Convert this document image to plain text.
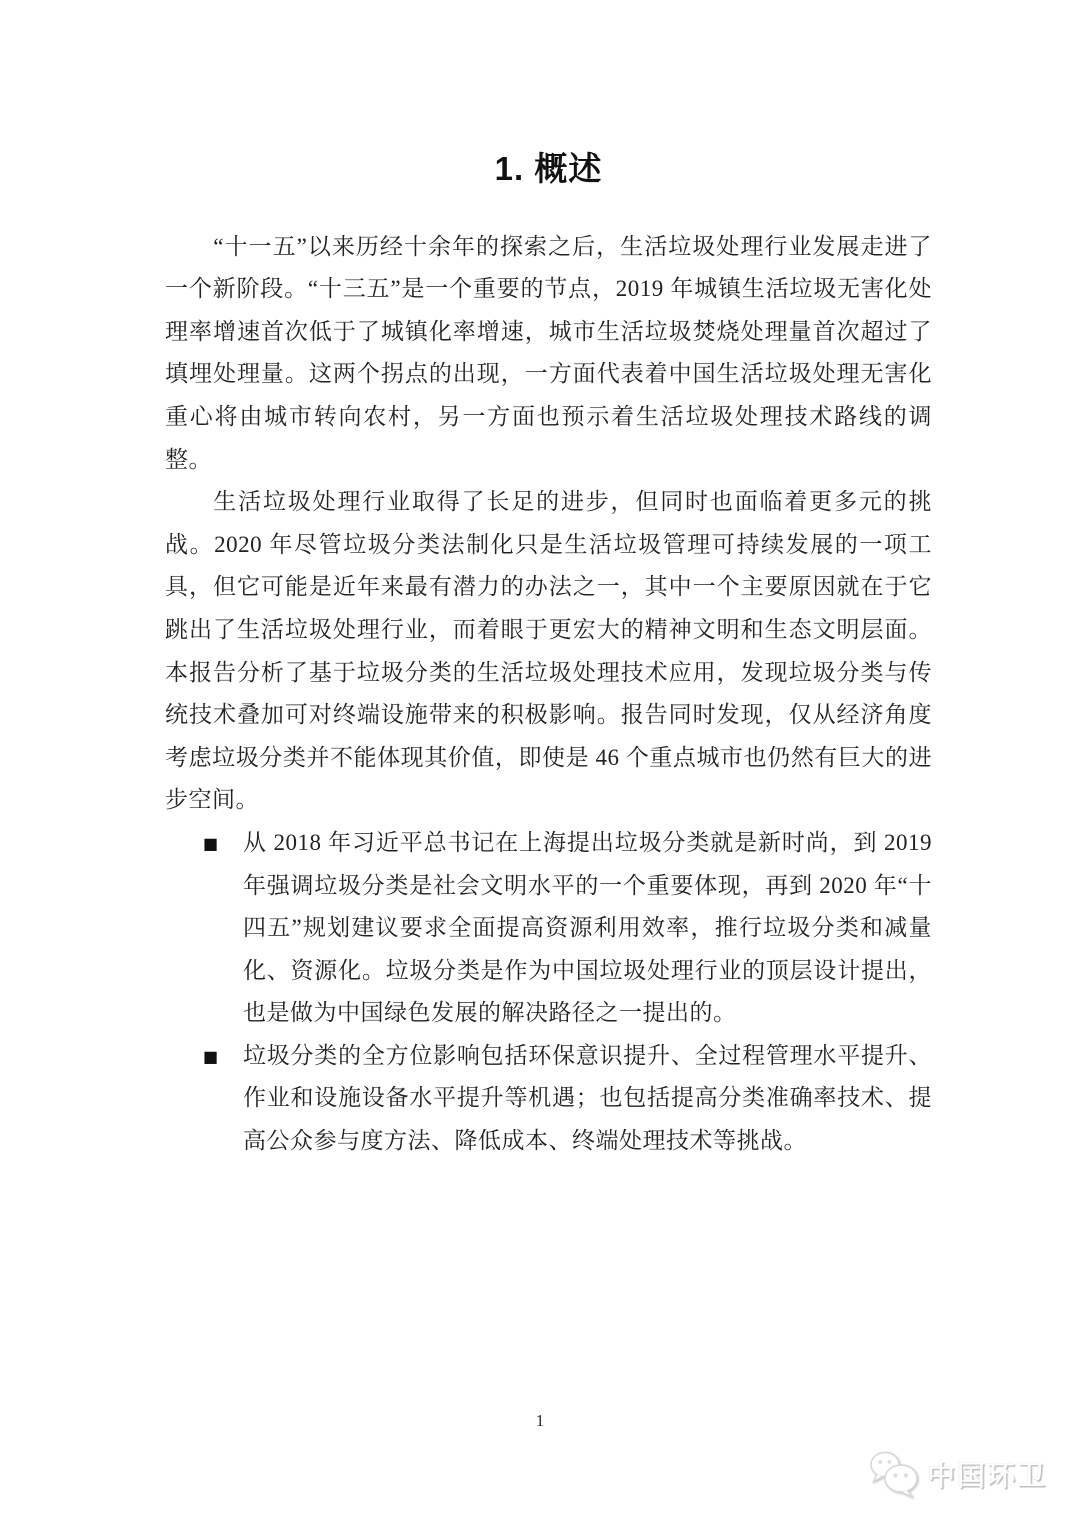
1. 概述

“十一五”以来历经十余年的探索之后，生活垃圾处理行业发展走进了一个新阶段。“十三五”是一个重要的节点，2019 年城镇生活垃圾无害化处理率增速首次低于了城镇化率增速，城市生活垃圾焚烧处理量首次超过了填埋处理量。这两个拐点的出现，一方面代表着中国生活垃圾处理无害化重心将由城市转向农村，另一方面也预示着生活垃圾处理技术路线的调整。

生活垃圾处理行业取得了长足的进步，但同时也面临着更多元的挑战。2020 年尽管垃圾分类法制化只是生活垃圾管理可持续发展的一项工具，但它可能是近年来最有潜力的办法之一，其中一个主要原因就在于它跳出了生活垃圾处理行业，而着眼于更宏大的精神文明和生态文明层面。本报告分析了基于垃圾分类的生活垃圾处理技术应用，发现垃圾分类与传统技术叠加可对终端设施带来的积极影响。报告同时发现，仅从经济角度考虑垃圾分类并不能体现其价值，即使是 46 个重点城市也仍然有巨大的进步空间。

■	从 2018 年习近平总书记在上海提出垃圾分类就是新时尚，到 2019 年强调垃圾分类是社会文明水平的一个重要体现，再到 2020 年“十四五”规划建议要求全面提高资源利用效率，推行垃圾分类和减量化、资源化。垃圾分类是作为中国垃圾处理行业的顶层设计提出，也是做为中国绿色发展的解决路径之一提出的。
■	垃圾分类的全方位影响包括环保意识提升、全过程管理水平提升、作业和设施设备水平提升等机遇；也包括提高分类准确率技术、提高公众参与度方法、降低成本、终端处理技术等挑战。
1
中国环卫
